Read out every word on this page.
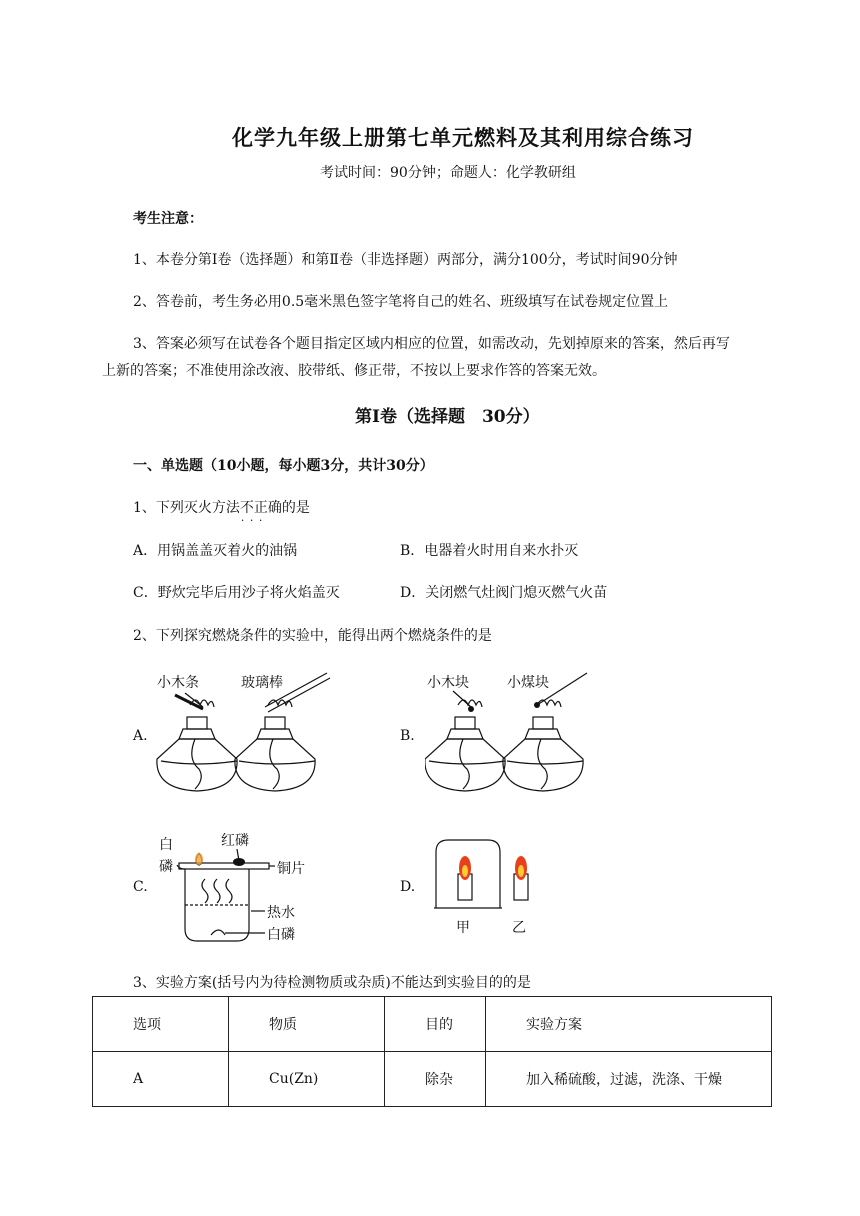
化学九年级上册第七单元燃料及其利用综合练习
考试时间：90分钟；命题人：化学教研组
考生注意：
1、本卷分第Ⅰ卷（选择题）和第Ⅱ卷（非选择题）两部分，满分100分，考试时间90分钟
2、答卷前，考生务必用0.5毫米黑色签字笔将自己的姓名、班级填写在试卷规定位置上
3、答案必须写在试卷各个题目指定区域内相应的位置，如需改动，先划掉原来的答案，然后再写
上新的答案；不准使用涂改液、胶带纸、修正带，不按以上要求作答的答案无效。
第Ⅰ卷（选择题　30分）
一、单选题（10小题，每小题3分，共计30分）
1、下列灭火方法不正确 · · ·的是
A．用锅盖盖灭着火的油锅	B．电器着火时用自来水扑灭
C．野炊完毕后用沙子将火焰盖灭	D．关闭燃气灶阀门熄灭燃气火苗
2、下列探究燃烧条件的实验中，能得出两个燃烧条件的是
A.	B.
C.	D.
小木条	玻璃棒	小木块	小煤块
白
磷
红磷
铜片
热水
白磷	甲	乙
3、实验方案(括号内为待检测物质或杂质)不能达到实验目的的是
选项	物质	目的	实验方案

A	Cu(Zn)	除杂	加入稀硫酸，过滤，洗涤、干燥
